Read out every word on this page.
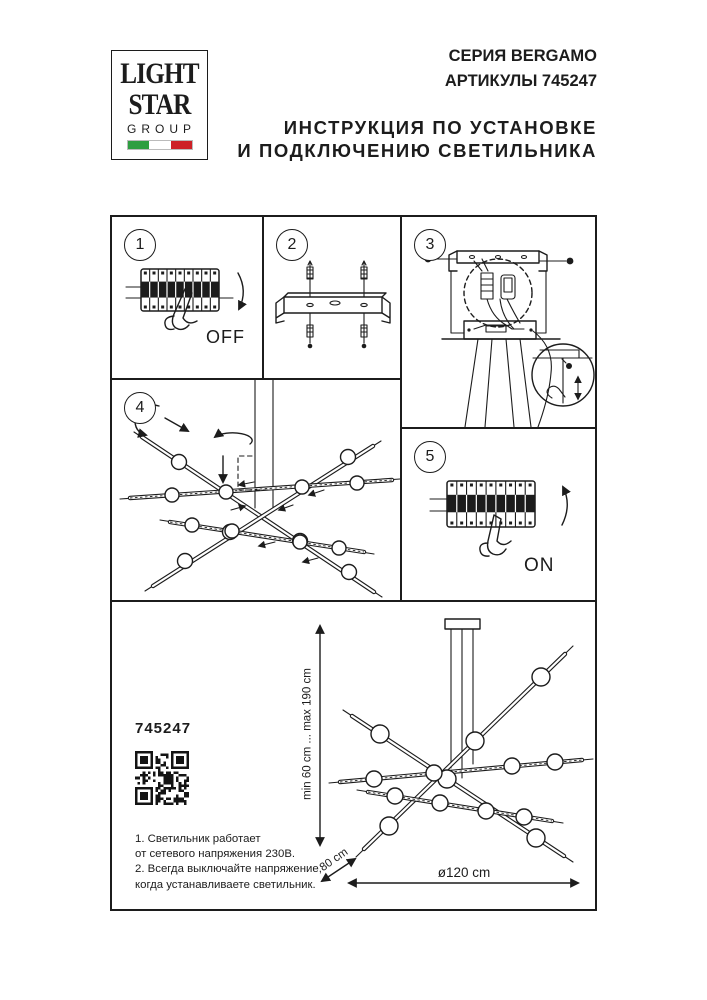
LIGHT
STAR
GROUP
СЕРИЯ BERGAMO
АРТИКУЛЫ 745247
ИНСТРУКЦИЯ ПО УСТАНОВКЕ
И ПОДКЛЮЧЕНИЮ СВЕТИЛЬНИКА
1
OFF
2	3
4
5
ON
745247
1. Светильник работает
от сетевого напряжения 230В.
2. Всегда выключайте напряжение,
когда устанавливаете светильник.
min 60 cm ... max 190 cm
80 cm	ø120 cm
